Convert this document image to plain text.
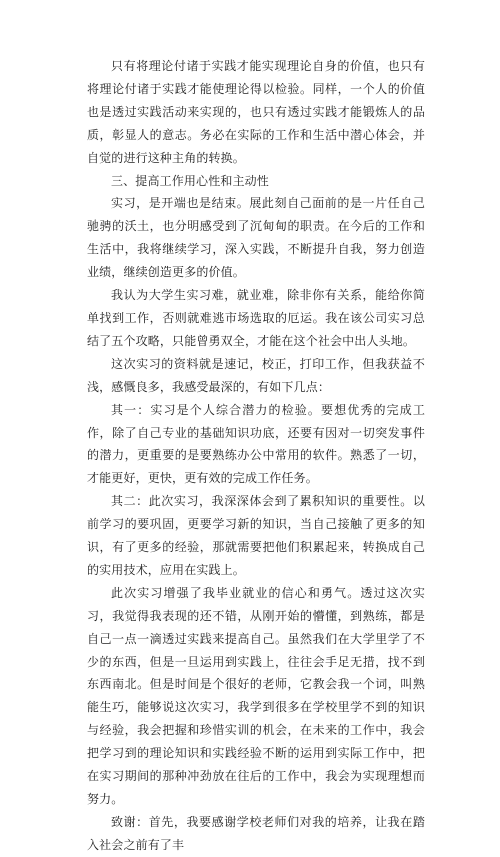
只有将理论付诸于实践才能实现理论自身的价值，也只有将理论付诸于实践才能使理论得以检验。同样，一个人的价值也是透过实践活动来实现的，也只有透过实践才能锻炼人的品质，彰显人的意志。务必在实际的工作和生活中潜心体会，并自觉的进行这种主角的转换。

三、提高工作用心性和主动性

实习，是开端也是结束。展此刻自己面前的是一片任自己驰骋的沃土，也分明感受到了沉甸甸的职责。在今后的工作和生活中，我将继续学习，深入实践，不断提升自我，努力创造业绩，继续创造更多的价值。

我认为大学生实习难，就业难，除非你有关系，能给你简单找到工作，否则就难逃市场选取的厄运。我在该公司实习总结了五个攻略，只能曾勇双全，才能在这个社会中出人头地。

这次实习的资料就是速记，校正，打印工作，但我获益不浅，感慨良多，我感受最深的，有如下几点：

其一：实习是个人综合潜力的检验。要想优秀的完成工作，除了自己专业的基础知识功底，还要有因对一切突发事件的潜力，更重要的是要熟练办公中常用的软件。熟悉了一切，才能更好，更快，更有效的完成工作任务。

其二：此次实习，我深深体会到了累积知识的重要性。以前学习的要巩固，更要学习新的知识，当自己接触了更多的知识，有了更多的经验，那就需要把他们积累起来，转换成自己的实用技术，应用在实践上。

此次实习增强了我毕业就业的信心和勇气。透过这次实习，我觉得我表现的还不错，从刚开始的懵懂，到熟练，都是自己一点一滴透过实践来提高自己。虽然我们在大学里学了不少的东西，但是一旦运用到实践上，往往会手足无措，找不到东西南北。但是时间是个很好的老师，它教会我一个词，叫熟能生巧，能够说这次实习，我学到很多在学校里学不到的知识与经验，我会把握和珍惜实训的机会，在未来的工作中，我会把学习到的理论知识和实践经验不断的运用到实际工作中，把在实习期间的那种冲劲放在往后的工作中，我会为实现理想而努力。

致谢：首先，我要感谢学校老师们对我的培养，让我在踏入社会之前有了丰
